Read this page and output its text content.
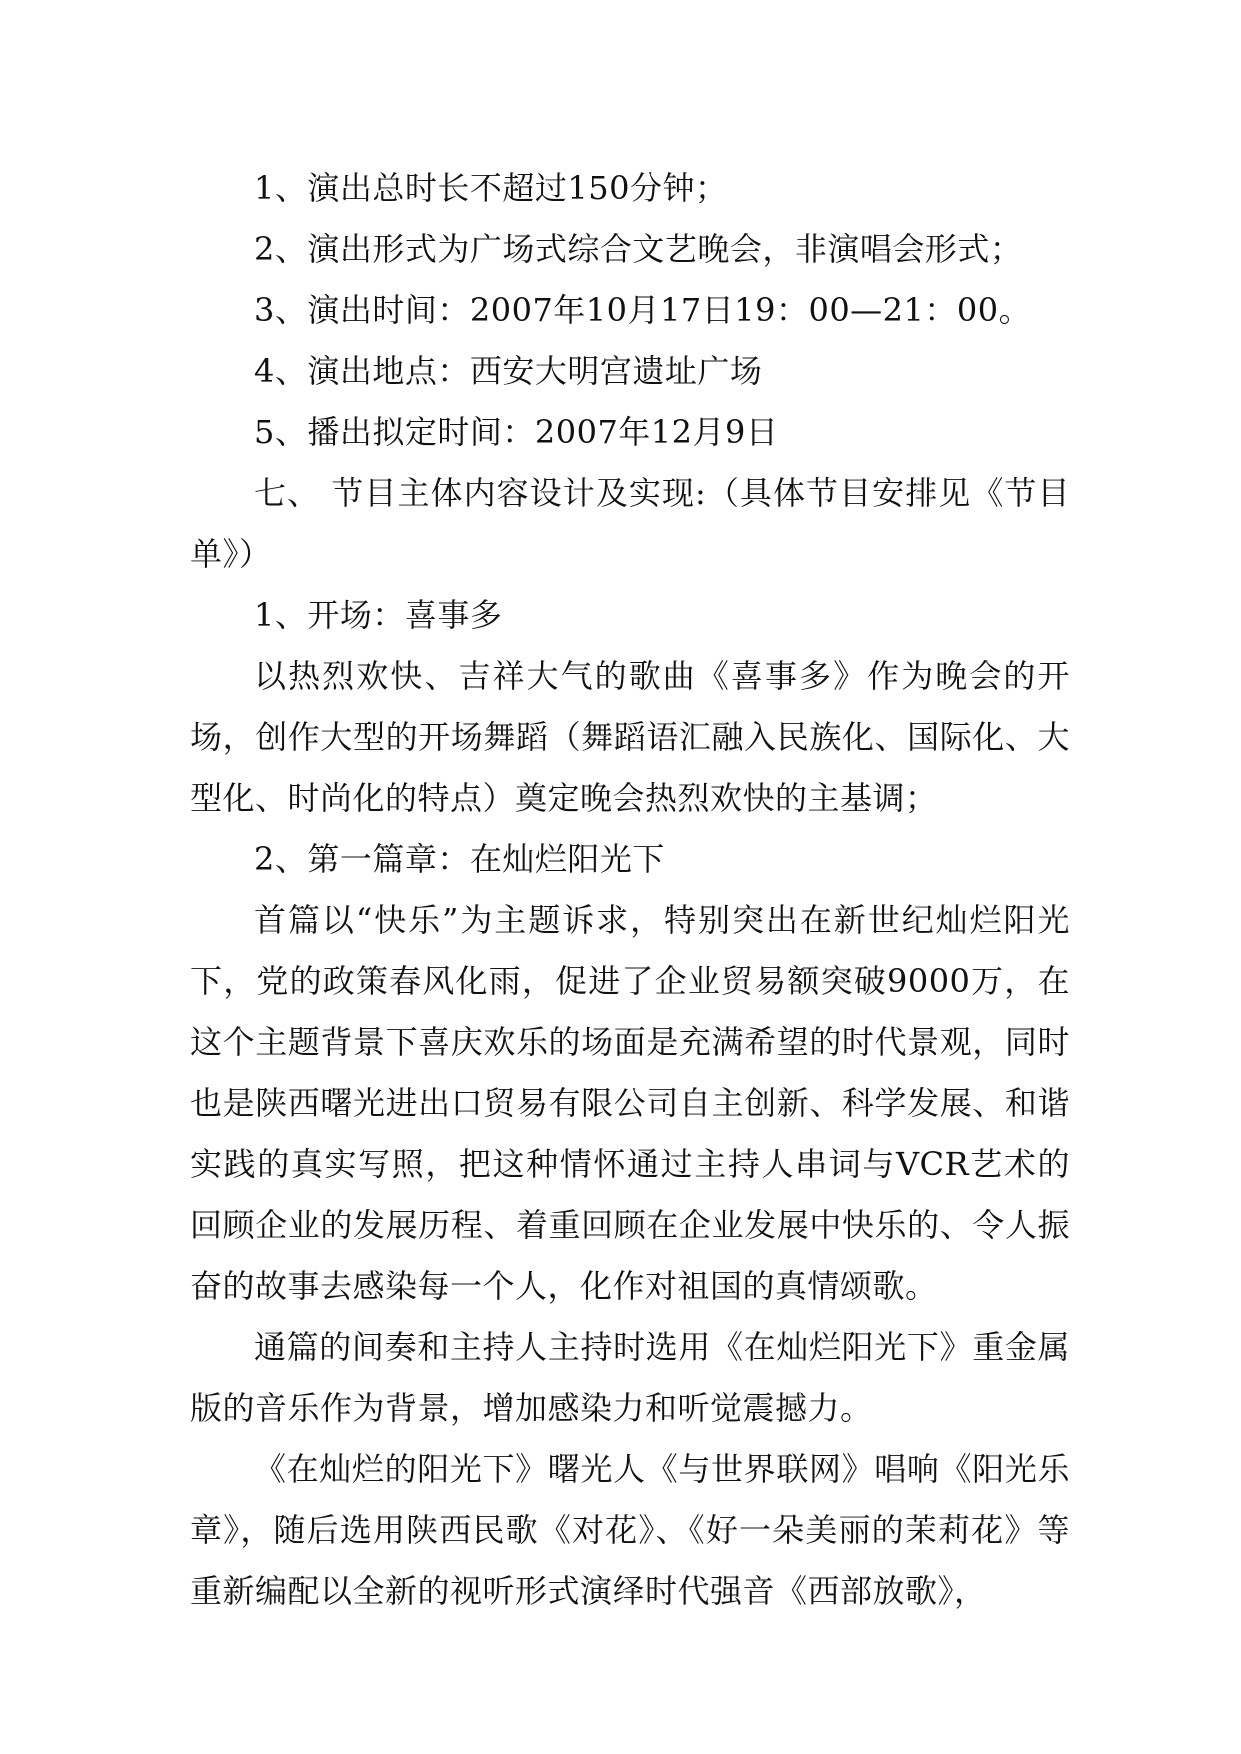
1、演出总时长不超过150分钟；

2、演出形式为广场式综合文艺晚会，非演唱会形式；

3、演出时间：2007年10月17日19：00—21：00。

4、演出地点：西安大明宫遗址广场

5、播出拟定时间：2007年12月9日

七、 节目主体内容设计及实现:（具体节目安排见《节目单》）

1、开场：喜事多

以热烈欢快、吉祥大气的歌曲《喜事多》作为晚会的开场，创作大型的开场舞蹈（舞蹈语汇融入民族化、国际化、大型化、时尚化的特点）奠定晚会热烈欢快的主基调；

2、第一篇章：在灿烂阳光下

首篇以“快乐”为主题诉求，特别突出在新世纪灿烂阳光下，党的政策春风化雨，促进了企业贸易额突破9000万，在这个主题背景下喜庆欢乐的场面是充满希望的时代景观，同时也是陕西曙光进出口贸易有限公司自主创新、科学发展、和谐实践的真实写照，把这种情怀通过主持人串词与VCR艺术的回顾企业的发展历程、着重回顾在企业发展中快乐的、令人振奋的故事去感染每一个人，化作对祖国的真情颂歌。

通篇的间奏和主持人主持时选用《在灿烂阳光下》重金属版的音乐作为背景，增加感染力和听觉震撼力。

《在灿烂的阳光下》曙光人《与世界联网》唱响《阳光乐章》，随后选用陕西民歌《对花》、《好一朵美丽的茉莉花》等重新编配以全新的视听形式演绎时代强音《西部放歌》，
